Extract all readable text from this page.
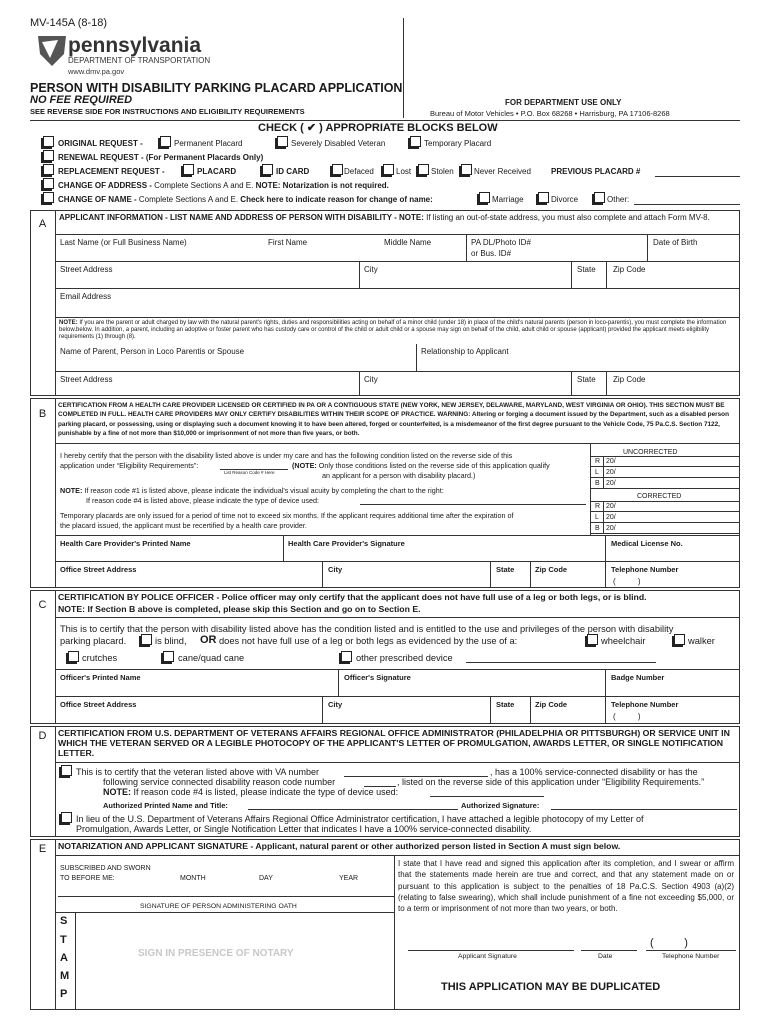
MV-145A (8-18)
pennsylvania
DEPARTMENT OF TRANSPORTATION
www.dmv.pa.gov
PERSON WITH DISABILITY PARKING PLACARD APPLICATION
NO FEE REQUIRED
SEE REVERSE SIDE FOR INSTRUCTIONS AND ELIGIBILITY REQUIREMENTS
FOR DEPARTMENT USE ONLY
Bureau of Motor Vehicles • P.O. Box 68268 • Harrisburg, PA 17106-8268
CHECK ( ✔ ) APPROPRIATE BLOCKS BELOW
ORIGINAL REQUEST -	Permanent Placard	Severely Disabled Veteran	Temporary Placard
RENEWAL REQUEST - (For Permanent Placards Only)
REPLACEMENT REQUEST -	PLACARD	ID CARD	Defaced	Lost Stolen	Never Received	PREVIOUS PLACARD #
CHANGE OF ADDRESS - Complete Sections A and E. NOTE: Notarization is not required.
CHANGE OF NAME - Complete Sections A and E. Check here to indicate reason for change of name:	Marriage	Divorce	Other:
A
APPLICANT INFORMATION - LIST NAME AND ADDRESS OF PERSON WITH DISABILITY - NOTE: If listing an out-of-state address, you must also complete and attach Form MV-8.
Last Name (or Full Business Name)	First Name	Middle Name	PA DL/Photo ID#
or Bus. ID#
Date of Birth
Street Address	City	State Zip Code
Email Address
NOTE: If you are the parent or adult charged by law with the natural parent's rights, duties and responsibilities acting on behalf of a minor child (under 18) in place of the child's natural parents (person in loco-parentis), you must complete the information below.below. In addition, a parent, including an adoptive or foster parent who has custody care or control of the child or adult child or a spouse may sign on behalf of the child, adult child or spouse (applicant) provided the applicant meets eligibility requirements (1) through (8).
Name of Parent, Person in Loco Parentis or Spouse	Relationship to Applicant
Street Address	City	State Zip Code
B
CERTIFICATION FROM A HEALTH CARE PROVIDER LICENSED OR CERTIFIED IN PA OR A CONTIGUOUS STATE (NEW YORK, NEW JERSEY, DELAWARE, MARYLAND, WEST VIRGINIA OR OHIO). THIS SECTION MUST BE COMPLETED IN FULL. HEALTH CARE PROVIDERS MAY ONLY CERTIFY DISABILITIES WITHIN THEIR SCOPE OF PRACTICE. WARNING: Altering or forging a document issued by the Department, such as a disabled person parking placard, or possessing, using or displaying such a document knowing it to have been altered, forged or counterfeited, is a misdemeanor of the first degree pursuant to the Vehicle Code, 75 Pa.C.S. Section 7122, punishable by a fine of not more than $10,000 or imprisonment of not more than five years, or both.
I hereby certify that the person with the disability listed above is under my care and has the following condition listed on the reverse side of this
application under “Eligibility Requirements”:
List Reason Code # Here
(NOTE: Only those conditions listed on the reverse side of this application qualify
an applicant for a person with disability placard.)
NOTE: If reason code #1 is listed above, please indicate the individual's visual acuity by completing the chart to the right:
If reason code #4 is listed above, please indicate the type of device used:
Temporary placards are only issued for a period of time not to exceed six months. If the applicant requires additional time after the expiration of
the placard issued, the applicant must be recertified by a health care provider.
UNCORRECTED
R 20/
L 20/
B 20/
CORRECTED
R 20/
L 20/
B 20/
Health Care Provider's Printed Name	Health Care Provider's Signature	Medical License No.
Office Street Address	City	State	Zip Code	Telephone Number
(          )
C
CERTIFICATION BY POLICE OFFICER - Police officer may only certify that the applicant does not have full use of a leg or both legs, or is blind.
NOTE: If Section B above is completed, please skip this Section and go on to Section E.
This is to certify that the person with disability listed above has the condition listed and is entitled to the use and privileges of the person with disability
parking placard.	is blind, OR does not have full use of a leg or both legs as evidenced by the use of a:	wheelchair	walker
crutches	cane/quad cane	other prescribed device
Officer's Printed Name	Officer's Signature	Badge Number
Office Street Address	City	State	Zip Code	Telephone Number
(          )
D	CERTIFICATION FROM U.S. DEPARTMENT OF VETERANS AFFAIRS REGIONAL OFFICE ADMINISTRATOR (PHILADELPHIA OR PITTSBURGH) OR SERVICE UNIT IN WHICH THE VETERAN SERVED OR A LEGIBLE PHOTOCOPY OF THE APPLICANT'S LETTER OF PROMULGATION, AWARDS LETTER, OR SINGLE NOTIFICATION LETTER.
This is to certify that the veteran listed above with VA number	, has a 100% service-connected disability or has the
following service connected disability reason code number	, listed on the reverse side of this application under “Eligibility Requirements.”
NOTE: If reason code #4 is listed, please indicate the type of device used:
Authorized Printed Name and Title:	Authorized Signature:
In lieu of the U.S. Department of Veterans Affairs Regional Office Administrator certification, I have attached a legible photocopy of my Letter of
Promulgation, Awards Letter, or Single Notification Letter that indicates I have a 100% service-connected disability.
E	NOTARIZATION AND APPLICANT SIGNATURE - Applicant, natural parent or other authorized person listed in Section A must sign below.
SUBSCRIBED AND SWORN
TO BEFORE ME:	MONTH	DAY	YEAR
SIGNATURE OF PERSON ADMINISTERING OATH
S
T
A
M
P
SIGN IN PRESENCE OF NOTARY
I state that I have read and signed this application after its completion, and I swear or affirm that the statements made herein are true and correct, and that any statement made on or pursuant to this application is subject to the penalties of 18 Pa.C.S. Section 4903 (a)(2) (relating to false swearing), which shall include punishment of a fine not exceeding $5,000, or to a term or imprisonment of not more than two years, or both.
(          )
Applicant Signature	Date	Telephone Number
THIS APPLICATION MAY BE DUPLICATED
